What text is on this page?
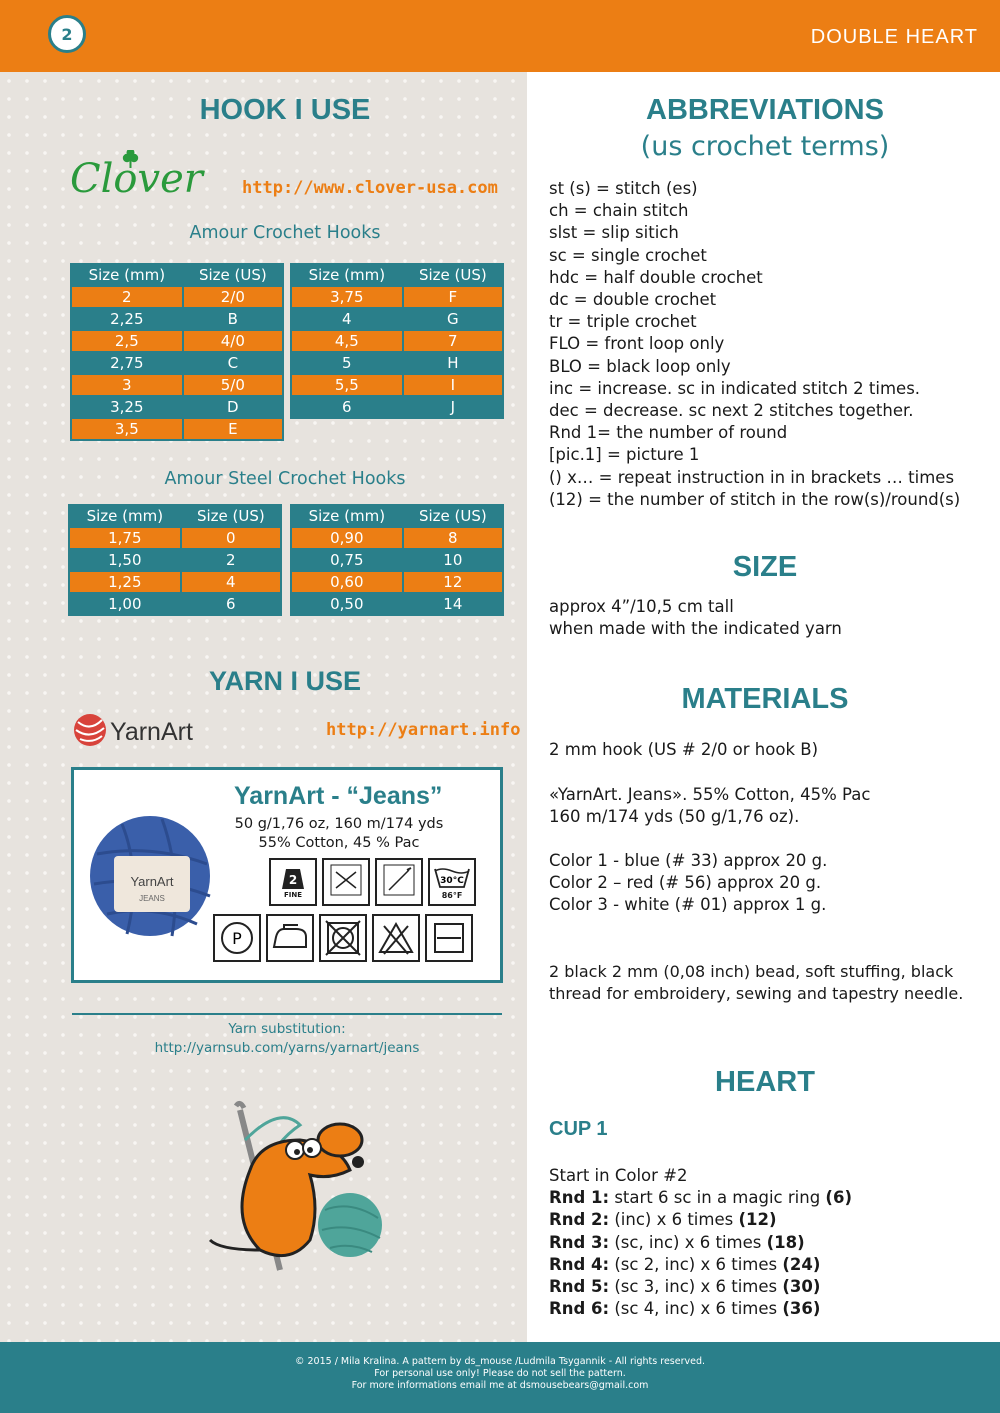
2	DOUBLE HEART
HOOK I USE
Clover http://www.clover-usa.com
Amour Crochet Hooks
Size (mm)	Size (US)
2	2/0
2,25	B
2,5	4/0
2,75	C
3	5/0
3,25	D
3,5	E
Size (mm)	Size (US)
3,75	F
4	G
4,5	7
5	H
5,5	I
6	J
Amour Steel Crochet Hooks
Size (mm)	Size (US)
1,75	0
1,50	2
1,25	4
1,00	6
Size (mm)	Size (US)
0,90	8
0,75	10
0,60	12
0,50	14
YARN I USE
YarnArt	http://yarnart.info
YarnArt
JEANS
YarnArt - “Jeans”
50 g/1,76 oz, 160 m/174 yds
55% Cotton, 45 % Pac
2
FINE
30°C
86°F
P
Yarn substitution:
http://yarnsub.com/yarns/yarnart/jeans
ABBREVIATIONS
(us crochet terms)
st (s) = stitch (es)
ch = chain stitch
slst = slip sitich
sc = single crochet
hdc = half double crochet
dc = double crochet
tr = triple crochet
FLO = front loop only
BLO = black loop only
inc = increase. sc in indicated stitch 2 times.
dec = decrease. sc next 2 stitches together.
Rnd 1= the number of round
[pic.1] = picture 1
() x… = repeat instruction in in brackets … times
(12) = the number of stitch in the row(s)/round(s)
SIZE
approx 4”/10,5 cm tall
when made with the indicated yarn
MATERIALS
2 mm hook (US # 2/0 or hook B)
«YarnArt. Jeans». 55% Cotton, 45% Pac
160 m/174 yds (50 g/1,76 oz).
Color 1 - blue (# 33) approx 20 g.
Color 2 – red (# 56) approx 20 g.
Color 3 - white (# 01) approx 1 g.
2 black 2 mm (0,08 inch) bead, soft stuffing, black
thread for embroidery, sewing and tapestry needle.
HEART
CUP 1
Start in Color #2
Rnd 1: start 6 sc in a magic ring (6)
Rnd 2: (inc) x 6 times (12)
Rnd 3: (sc, inc) x 6 times (18)
Rnd 4: (sc 2, inc) x 6 times (24)
Rnd 5: (sc 3, inc) x 6 times (30)
Rnd 6: (sc 4, inc) x 6 times (36)
© 2015 / Mila Kralina. A pattern by ds_mouse /Ludmila Tsygannik - All rights reserved.
For personal use only! Please do not sell the pattern.
For more informations email me at dsmousebears@gmail.com
